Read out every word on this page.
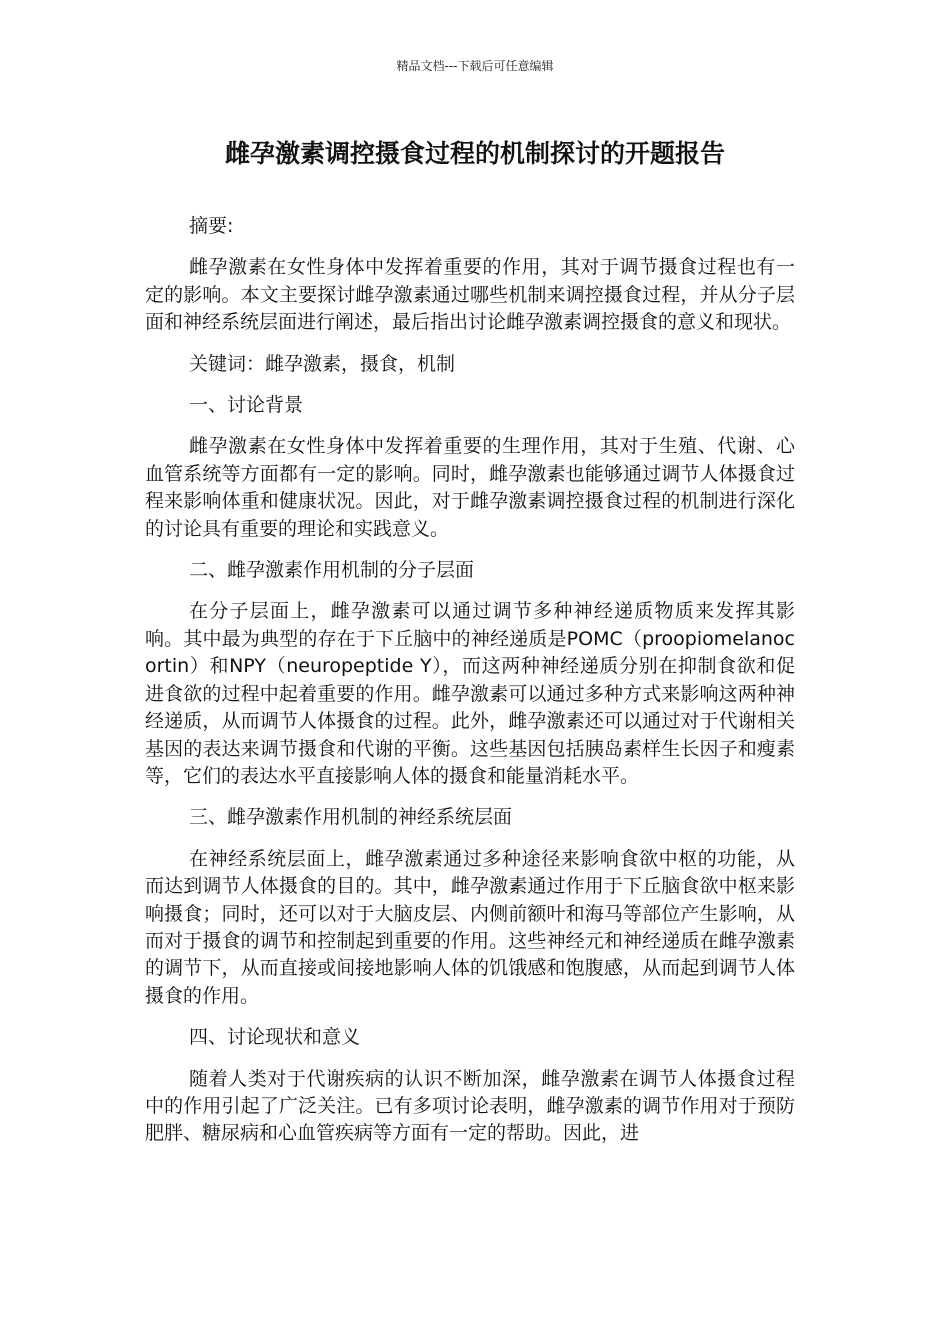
精品文档---下载后可任意编辑
雌孕激素调控摄食过程的机制探讨的开题报告

摘要:

雌孕激素在女性身体中发挥着重要的作用，其对于调节摄食过程也有一定的影响。本文主要探讨雌孕激素通过哪些机制来调控摄食过程，并从分子层面和神经系统层面进行阐述，最后指出讨论雌孕激素调控摄食的意义和现状。

关键词：雌孕激素，摄食，机制

一、讨论背景

雌孕激素在女性身体中发挥着重要的生理作用，其对于生殖、代谢、心血管系统等方面都有一定的影响。同时，雌孕激素也能够通过调节人体摄食过程来影响体重和健康状况。因此，对于雌孕激素调控摄食过程的机制进行深化的讨论具有重要的理论和实践意义。

二、雌孕激素作用机制的分子层面

在分子层面上，雌孕激素可以通过调节多种神经递质物质来发挥其影响。其中最为典型的存在于下丘脑中的神经递质是POMC（proopiomelanocortin）和NPY（neuropeptide Y），而这两种神经递质分别在抑制食欲和促进食欲的过程中起着重要的作用。雌孕激素可以通过多种方式来影响这两种神经递质，从而调节人体摄食的过程。此外，雌孕激素还可以通过对于代谢相关基因的表达来调节摄食和代谢的平衡。这些基因包括胰岛素样生长因子和瘦素等，它们的表达水平直接影响人体的摄食和能量消耗水平。

三、雌孕激素作用机制的神经系统层面

在神经系统层面上，雌孕激素通过多种途径来影响食欲中枢的功能，从而达到调节人体摄食的目的。其中，雌孕激素通过作用于下丘脑食欲中枢来影响摄食；同时，还可以对于大脑皮层、内侧前额叶和海马等部位产生影响，从而对于摄食的调节和控制起到重要的作用。这些神经元和神经递质在雌孕激素的调节下，从而直接或间接地影响人体的饥饿感和饱腹感，从而起到调节人体摄食的作用。

四、讨论现状和意义

随着人类对于代谢疾病的认识不断加深，雌孕激素在调节人体摄食过程中的作用引起了广泛关注。已有多项讨论表明，雌孕激素的调节作用对于预防肥胖、糖尿病和心血管疾病等方面有一定的帮助。因此，进
